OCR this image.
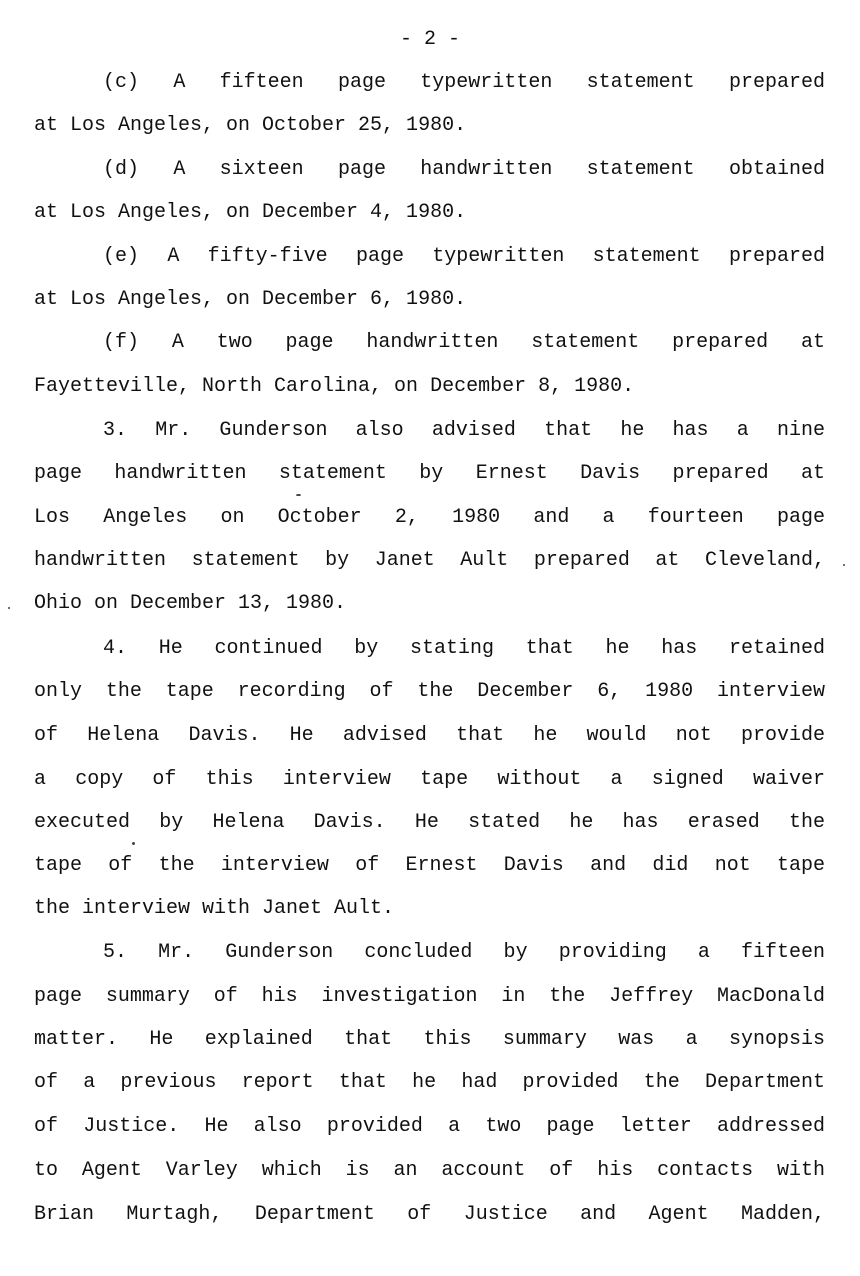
- 2 -
(c) A fifteen page typewritten statement prepared
at Los Angeles, on October 25, 1980.
(d) A sixteen page handwritten statement obtained
at Los Angeles, on December 4, 1980.
(e) A fifty-five page typewritten statement prepared
at Los Angeles, on December 6, 1980.
(f) A two page handwritten statement prepared at
Fayetteville, North Carolina, on December 8, 1980.
3. Mr. Gunderson also advised that he has a nine
page handwritten statement by Ernest Davis prepared at
Los Angeles on October 2, 1980 and a fourteen page
handwritten statement by Janet Ault prepared at Cleveland,
Ohio on December 13, 1980.
4. He continued by stating that he has retained
only the tape recording of the December 6, 1980 interview
of Helena Davis. He advised that he would not provide
a copy of this interview tape without a signed waiver
executed by Helena Davis. He stated he has erased the
tape of the interview of Ernest Davis and did not tape
the interview with Janet Ault.
5. Mr. Gunderson concluded by providing a fifteen
page summary of his investigation in the Jeffrey MacDonald
matter. He explained that this summary was a synopsis
of a previous report that he had provided the Department
of Justice. He also provided a two page letter addressed
to Agent Varley which is an account of his contacts with
Brian Murtagh, Department of Justice and Agent Madden,
